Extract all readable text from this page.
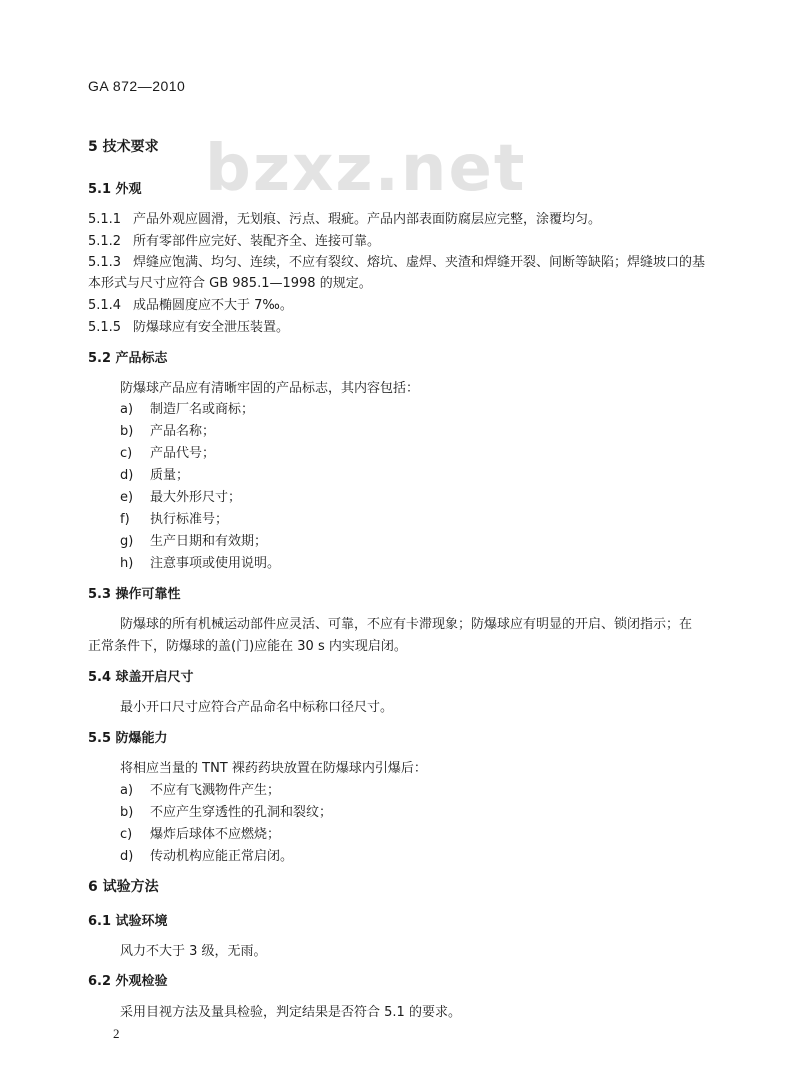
GA 872—2010
bzxz.net
5 技术要求
5.1 外观
5.1.1 产品外观应圆滑，无划痕、污点、瑕疵。产品内部表面防腐层应完整，涂覆均匀。
5.1.2 所有零部件应完好、装配齐全、连接可靠。
5.1.3 焊缝应饱满、均匀、连续，不应有裂纹、熔坑、虚焊、夹渣和焊缝开裂、间断等缺陷；焊缝坡口的基
本形式与尺寸应符合 GB 985.1—1998 的规定。
5.1.4 成品椭圆度应不大于 7‰。
5.1.5 防爆球应有安全泄压装置。
5.2 产品标志
防爆球产品应有清晰牢固的产品标志，其内容包括：
a) 制造厂名或商标；
b) 产品名称；
c) 产品代号；
d) 质量；
e) 最大外形尺寸；
f) 执行标准号；
g) 生产日期和有效期；
h) 注意事项或使用说明。
5.3 操作可靠性
防爆球的所有机械运动部件应灵活、可靠，不应有卡滞现象；防爆球应有明显的开启、锁闭指示；在
正常条件下，防爆球的盖(门)应能在 30 s 内实现启闭。
5.4 球盖开启尺寸
最小开口尺寸应符合产品命名中标称口径尺寸。
5.5 防爆能力
将相应当量的 TNT 裸药药块放置在防爆球内引爆后：
a) 不应有飞溅物件产生；
b) 不应产生穿透性的孔洞和裂纹；
c) 爆炸后球体不应燃烧；
d) 传动机构应能正常启闭。
6 试验方法
6.1 试验环境
风力不大于 3 级，无雨。
6.2 外观检验
采用目视方法及量具检验，判定结果是否符合 5.1 的要求。
2
